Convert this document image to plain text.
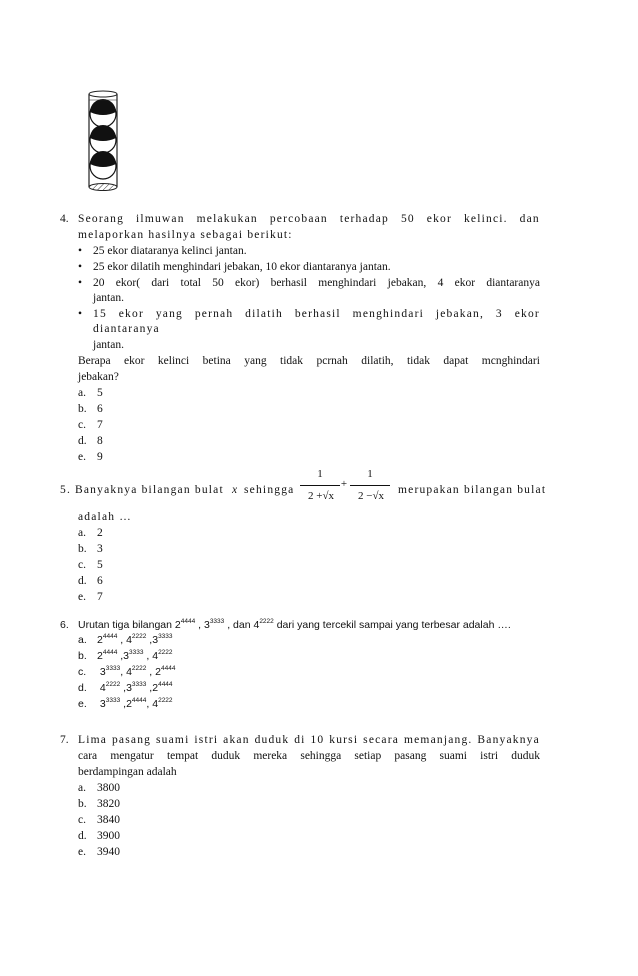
4. Seorang ilmuwan melakukan percobaan terhadap 50 ekor kelinci. dan
melaporkan hasilnya sebagai berikut:
• 25 ekor diataranya kelinci jantan.
• 25 ekor dilatih menghindari jebakan, 10 ekor diantaranya jantan.
• 20 ekor( dari total 50 ekor) berhasil menghindari jebakan, 4 ekor diantaranya
jantan.
• 15 ekor yang pernah dilatih berhasil menghindari jebakan, 3 ekor
diantaranya
jantan.
Berapa ekor kelinci betina yang tidak pcrnah dilatih, tidak dapat mcnghindari
jebakan?
a. 5
b. 6
c. 7
d. 8
e. 9
5. Banyaknya bilangan bulat x sehingga
1
2 +√x
+
1
2 −√x	merupakan bilangan bulat
adalah …
a. 2
b. 3
c. 5
d. 6
e. 7
6. Urutan tiga bilangan $2^{4444}$ , $3^{3333}$ , dan $4^{2222}$ dari yang tercekil sampai yang terbesar adalah ….
a. $2^{4444}$ , $4^{2222}$ $,3^{3333}$
b. $2^{4444}$ $,3^{3333}$ , $4^{2222}$
c. $3^{3333}$, $4^{2222}$ , $2^{4444}$
d. $4^{2222}$ $,3^{3333}$ $,2^{4444}$
e. $3^{3333}$ $,2^{4444}$, $4^{2222}$
7. Lima pasang suami istri akan duduk di 10 kursi secara memanjang. Banyaknya
cara mengatur tempat duduk mereka sehingga setiap pasang suami istri duduk
berdampingan adalah
a. 3800
b. 3820
c. 3840
d. 3900
e. 3940
